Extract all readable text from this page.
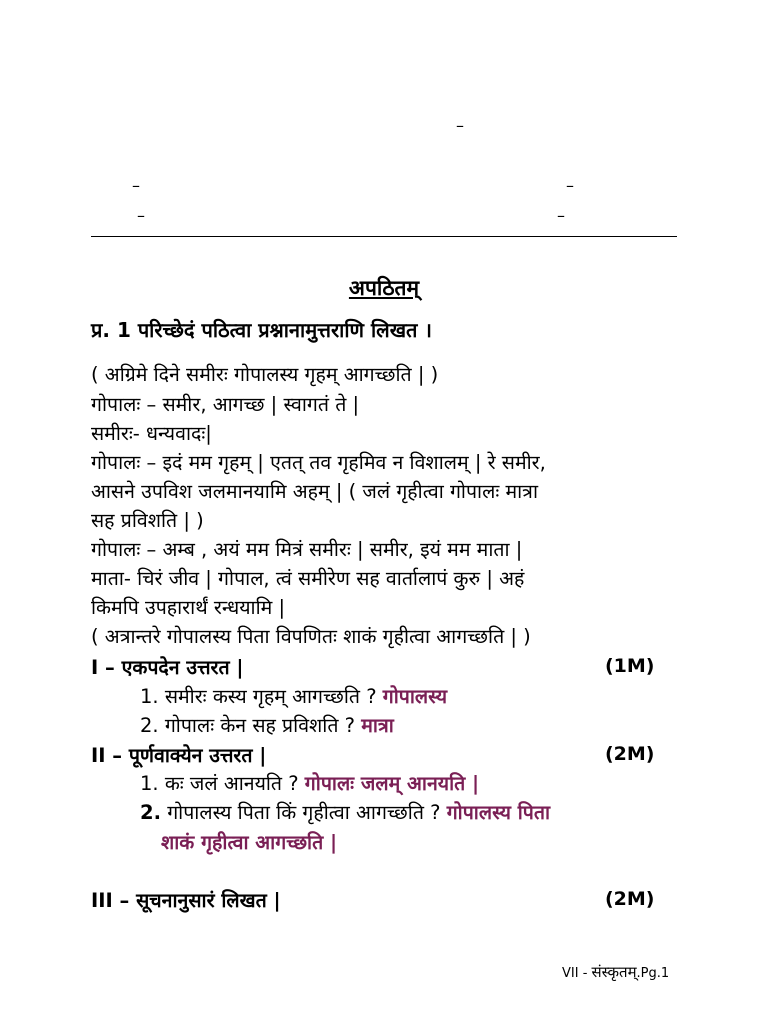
–
–	–
–	–
अपठितम्
प्र. 1 परिच्छेदं पठित्वा प्रश्नानामुत्तराणि लिखत ।
( अग्रिमे दिने समीरः गोपालस्य गृहम् आगच्छति | )
गोपालः – समीर, आगच्छ | स्वागतं ते |
समीरः- धन्यवादः|
गोपालः – इदं मम गृहम् | एतत् तव गृहमिव न विशालम् | रे समीर,
आसने उपविश जलमानयामि अहम् | ( जलं गृहीत्वा गोपालः मात्रा
सह प्रविशति | )
गोपालः – अम्ब , अयं मम मित्रं समीरः | समीर, इयं मम माता |
माता- चिरं जीव | गोपाल, त्वं समीरेण सह वार्तालापं कुरु | अहं
किमपि उपहारार्थं रन्धयामि |
( अत्रान्तरे गोपालस्य पिता विपणितः शाकं गृहीत्वा आगच्छति | )
I – एकपदेन उत्तरत |	(1M)
1. समीरः कस्य गृहम् आगच्छति ? गोपालस्य
2. गोपालः केन सह प्रविशति ? मात्रा
II – पूर्णवाक्येन उत्तरत |	(2M)
1. कः जलं आनयति ? गोपालः जलम् आनयति |
2. गोपालस्य पिता किं गृहीत्वा आगच्छति ? गोपालस्य पिता
शाकं गृहीत्वा आगच्छति |
III – सूचनानुसारं लिखत |	(2M)
VII - संस्कृतम्.Pg.1
